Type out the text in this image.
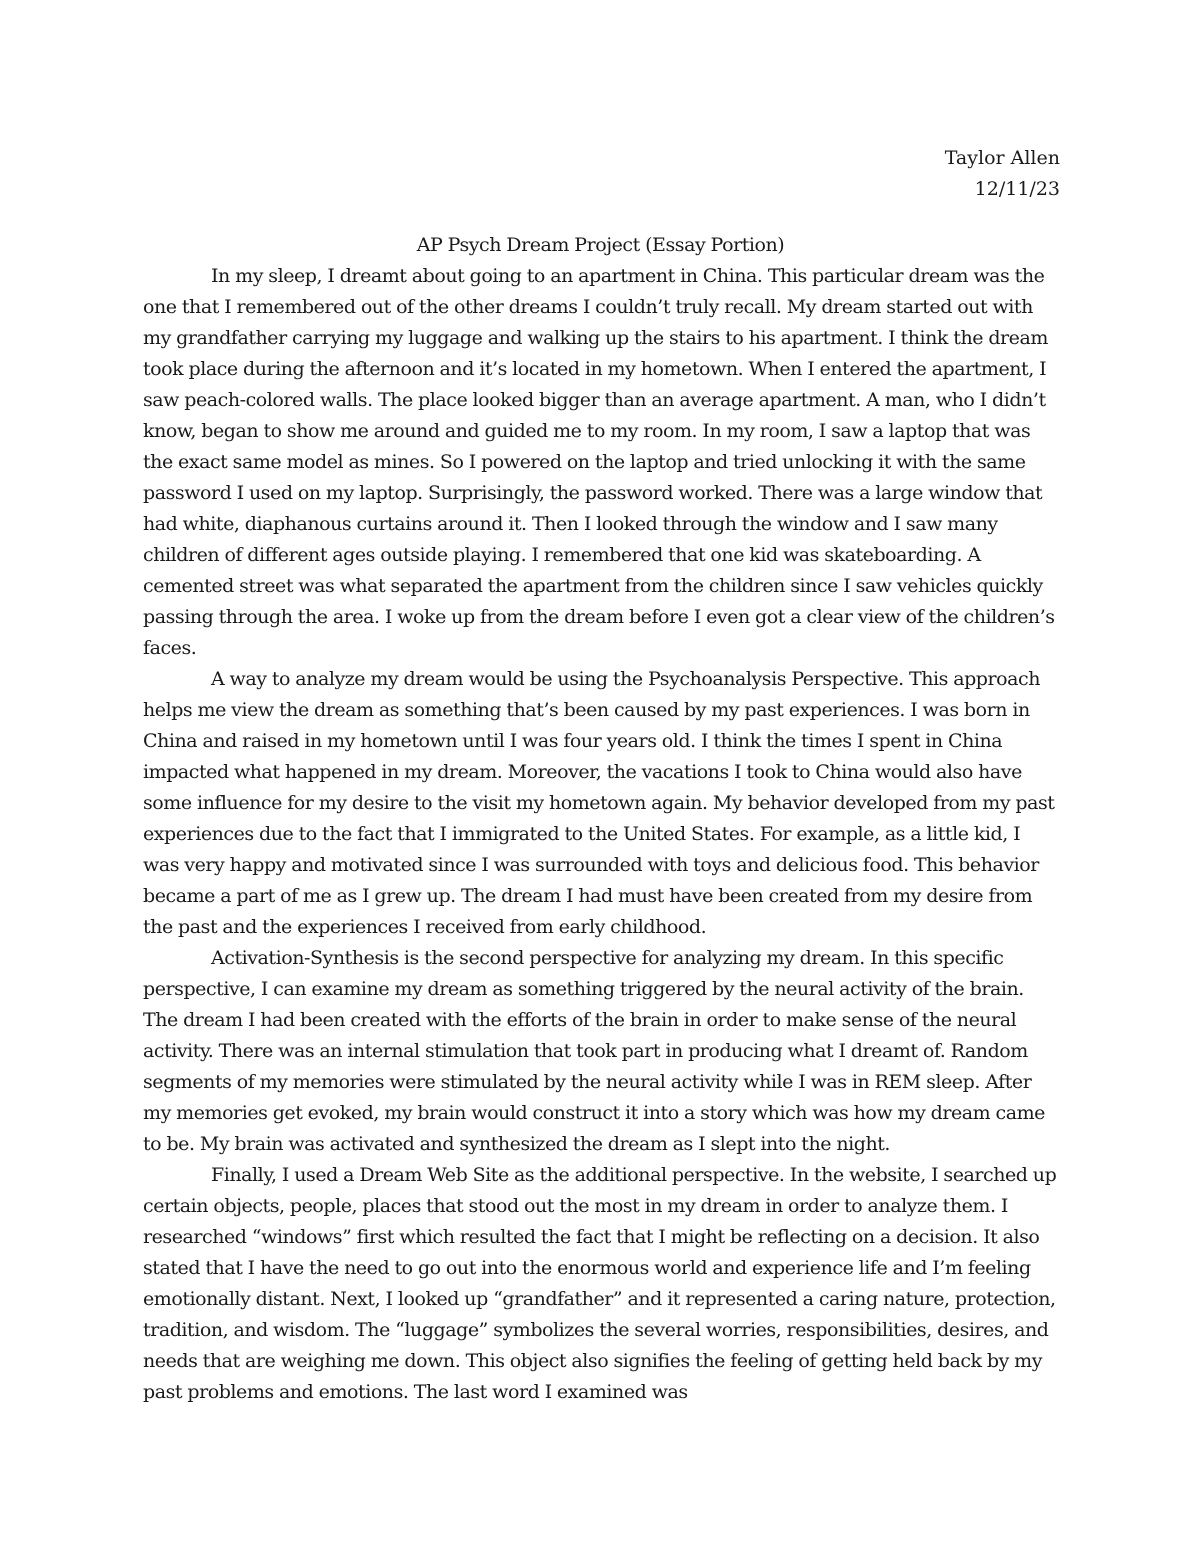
Taylor Allen
12/11/23

AP Psych Dream Project (Essay Portion)

In my sleep, I dreamt about going to an apartment in China. This particular dream was the one that I remembered out of the other dreams I couldn’t truly recall. My dream started out with my grandfather carrying my luggage and walking up the stairs to his apartment. I think the dream took place during the afternoon and it’s located in my hometown. When I entered the apartment, I saw peach-colored walls. The place looked bigger than an average apartment. A man, who I didn’t know, began to show me around and guided me to my room. In my room, I saw a laptop that was the exact same model as mines. So I powered on the laptop and tried unlocking it with the same password I used on my laptop. Surprisingly, the password worked. There was a large window that had white, diaphanous curtains around it. Then I looked through the window and I saw many children of different ages outside playing. I remembered that one kid was skateboarding. A cemented street was what separated the apartment from the children since I saw vehicles quickly passing through the area. I woke up from the dream before I even got a clear view of the children’s faces.

A way to analyze my dream would be using the Psychoanalysis Perspective. This approach helps me view the dream as something that’s been caused by my past experiences. I was born in China and raised in my hometown until I was four years old. I think the times I spent in China impacted what happened in my dream. Moreover, the vacations I took to China would also have some influence for my desire to the visit my hometown again. My behavior developed from my past experiences due to the fact that I immigrated to the United States. For example, as a little kid, I was very happy and motivated since I was surrounded with toys and delicious food. This behavior became a part of me as I grew up. The dream I had must have been created from my desire from the past and the experiences I received from early childhood.

Activation-Synthesis is the second perspective for analyzing my dream. In this specific perspective, I can examine my dream as something triggered by the neural activity of the brain. The dream I had been created with the efforts of the brain in order to make sense of the neural activity. There was an internal stimulation that took part in producing what I dreamt of. Random segments of my memories were stimulated by the neural activity while I was in REM sleep. After my memories get evoked, my brain would construct it into a story which was how my dream came to be. My brain was activated and synthesized the dream as I slept into the night.

Finally, I used a Dream Web Site as the additional perspective. In the website, I searched up certain objects, people, places that stood out the most in my dream in order to analyze them. I researched “windows” first which resulted the fact that I might be reflecting on a decision. It also stated that I have the need to go out into the enormous world and experience life and I’m feeling emotionally distant. Next, I looked up “grandfather” and it represented a caring nature, protection, tradition, and wisdom. The “luggage” symbolizes the several worries, responsibilities, desires, and needs that are weighing me down. This object also signifies the feeling of getting held back by my past problems and emotions. The last word I examined was
